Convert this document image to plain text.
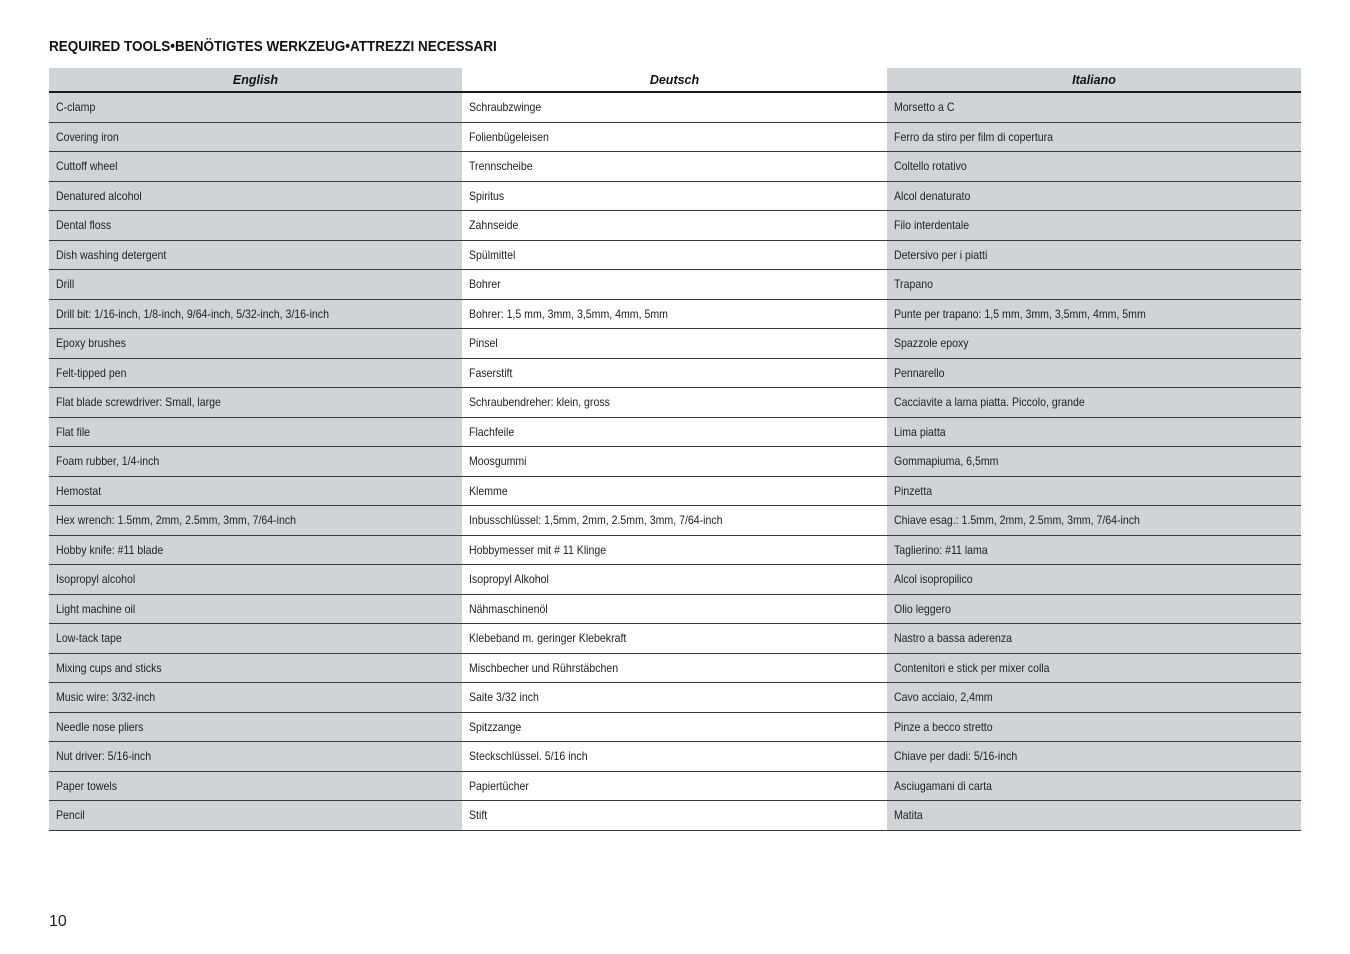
REQUIRED TOOLS•BENÖTIGTES WERKZEUG•ATTREZZI NECESSARI
English	Deutsch	Italiano
C-clamp	Schraubzwinge	Morsetto a C
Covering iron	Folienbügeleisen	Ferro da stiro per film di copertura
Cuttoff wheel	Trennscheibe	Coltello rotativo
Denatured alcohol	Spiritus	Alcol denaturato
Dental floss	Zahnseide	Filo interdentale
Dish washing detergent	Spülmittel	Detersivo per i piatti
Drill	Bohrer	Trapano
Drill bit: 1/16-inch, 1/8-inch, 9/64-inch, 5/32-inch, 3/16-inch	Bohrer: 1,5 mm, 3mm, 3,5mm, 4mm, 5mm	Punte per trapano: 1,5 mm, 3mm, 3,5mm, 4mm, 5mm
Epoxy brushes	Pinsel	Spazzole epoxy
Felt-tipped pen	Faserstift	Pennarello
Flat blade screwdriver: Small, large	Schraubendreher: klein, gross	Cacciavite a lama piatta. Piccolo, grande
Flat file	Flachfeile	Lima piatta
Foam rubber, 1/4-inch	Moosgummi	Gommapiuma, 6,5mm
Hemostat	Klemme	Pinzetta
Hex wrench: 1.5mm, 2mm, 2.5mm, 3mm, 7/64-inch	Inbusschlüssel: 1,5mm, 2mm, 2.5mm, 3mm, 7/64-inch	Chiave esag.: 1.5mm, 2mm, 2.5mm, 3mm, 7/64-inch
Hobby knife: #11 blade	Hobbymesser mit # 11 Klinge	Taglierino: #11 lama
Isopropyl alcohol	Isopropyl Alkohol	Alcol isopropilico
Light machine oil	Nähmaschinenöl	Olio leggero
Low-tack tape	Klebeband m. geringer Klebekraft	Nastro a bassa aderenza
Mixing cups and sticks	Mischbecher und Rührstäbchen	Contenitori e stick per mixer colla
Music wire: 3/32-inch	Saite 3/32 inch	Cavo acciaio, 2,4mm
Needle nose pliers	Spitzzange	Pinze a becco stretto
Nut driver: 5/16-inch	Steckschlüssel. 5/16 inch	Chiave per dadi: 5/16-inch
Paper towels	Papiertücher	Asciugamani di carta
Pencil	Stift	Matita
10
